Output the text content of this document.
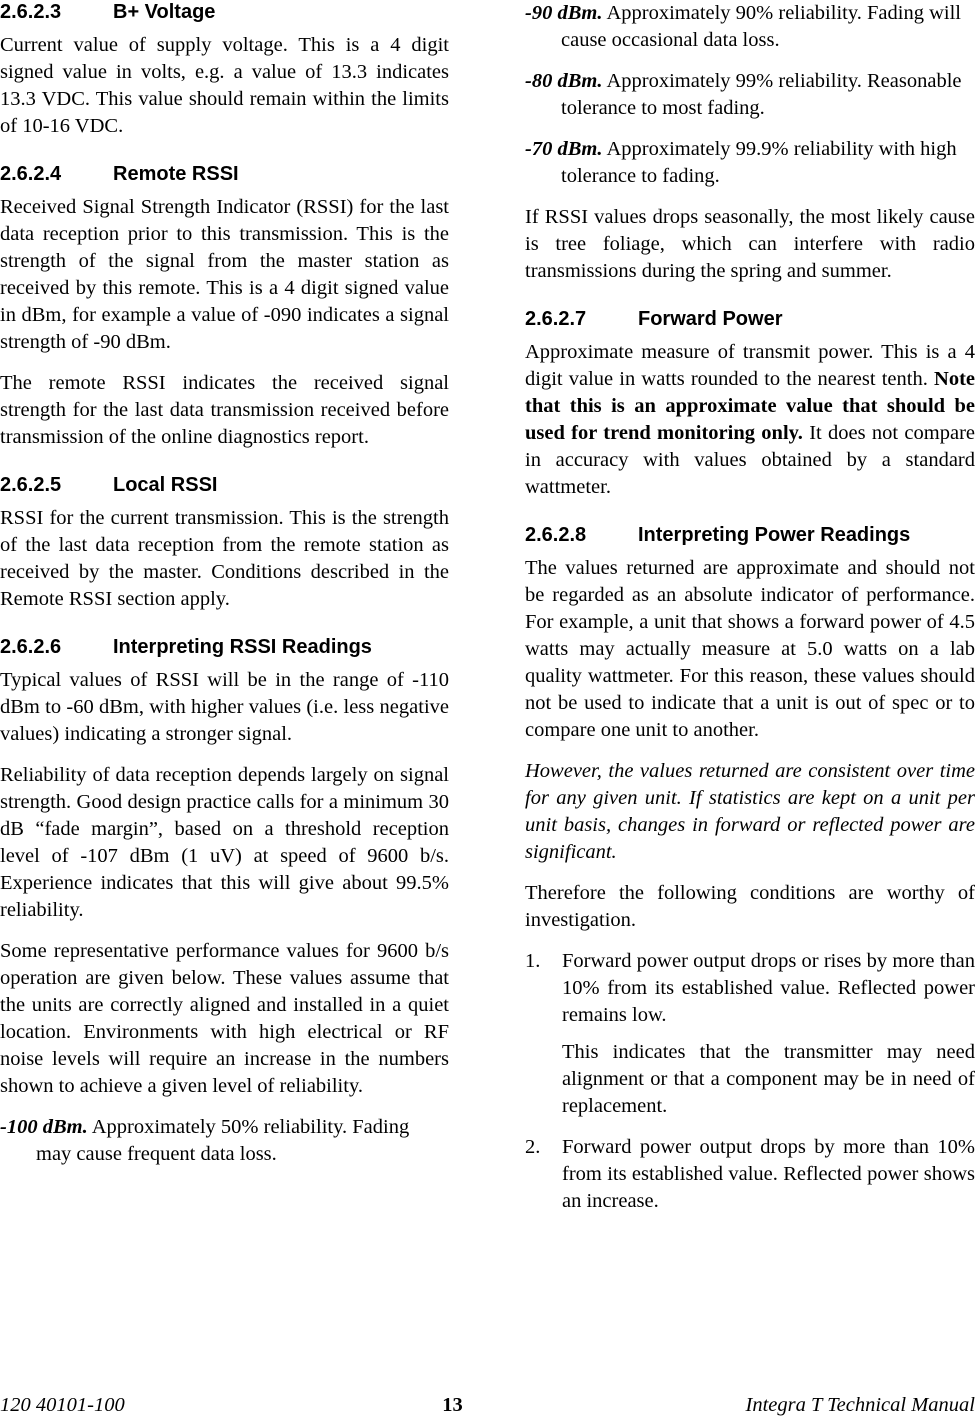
2.6.2.3	B+ Voltage

Current value of supply voltage. This is a 4 digit signed value in volts, e.g. a value of 13.3 indicates 13.3 VDC. This value should remain within the limits of 10-16 VDC.

2.6.2.4	Remote RSSI

Received Signal Strength Indicator (RSSI) for the last data reception prior to this transmission. This is the strength of the signal from the master station as received by this remote. This is a 4 digit signed value in dBm, for example a value of -090 indicates a signal strength of -90 dBm.

The remote RSSI indicates the received signal strength for the last data transmission received before transmission of the online diagnostics report.

2.6.2.5	Local RSSI

RSSI for the current transmission. This is the strength of the last data reception from the remote station as received by the master. Conditions described in the Remote RSSI section apply.

2.6.2.6	Interpreting RSSI Readings

Typical values of RSSI will be in the range of -110 dBm to -60 dBm, with higher values (i.e. less negative values) indicating a stronger signal.

Reliability of data reception depends largely on signal strength. Good design practice calls for a minimum 30 dB “fade margin”, based on a threshold reception level of -107 dBm (1 uV) at speed of 9600 b/s. Experience indicates that this will give about 99.5% reliability.

Some representative performance values for 9600 b/s operation are given below. These values assume that the units are correctly aligned and installed in a quiet location. Environments with high electrical or RF noise levels will require an increase in the numbers shown to achieve a given level of reliability.

-100 dBm. Approximately 50% reliability. Fading may cause frequent data loss.
-90 dBm. Approximately 90% reliability. Fading will cause occasional data loss.
-80 dBm. Approximately 99% reliability. Reasonable tolerance to most fading.
-70 dBm. Approximately 99.9% reliability with high tolerance to fading.

If RSSI values drops seasonally, the most likely cause is tree foliage, which can interfere with radio transmissions during the spring and summer.

2.6.2.7	Forward Power

Approximate measure of transmit power. This is a 4 digit value in watts rounded to the nearest tenth. Note that this is an approximate value that should be used for trend monitoring only. It does not compare in accuracy with values obtained by a standard wattmeter.

2.6.2.8	Interpreting Power Readings

The values returned are approximate and should not be regarded as an absolute indicator of performance. For example, a unit that shows a forward power of 4.5 watts may actually measure at 5.0 watts on a lab quality wattmeter. For this reason, these values should not be used to indicate that a unit is out of spec or to compare one unit to another.

However, the values returned are consistent over time for any given unit. If statistics are kept on a unit per unit basis, changes in forward or reflected power are significant.

Therefore the following conditions are worthy of investigation.

1. Forward power output drops or rises by more than 10% from its established value. Reflected power remains low.

This indicates that the transmitter may need alignment or that a component may be in need of replacement.

2. Forward power output drops by more than 10% from its established value. Reflected power shows an increase.

120 40101-100	13	Integra T Technical Manual
